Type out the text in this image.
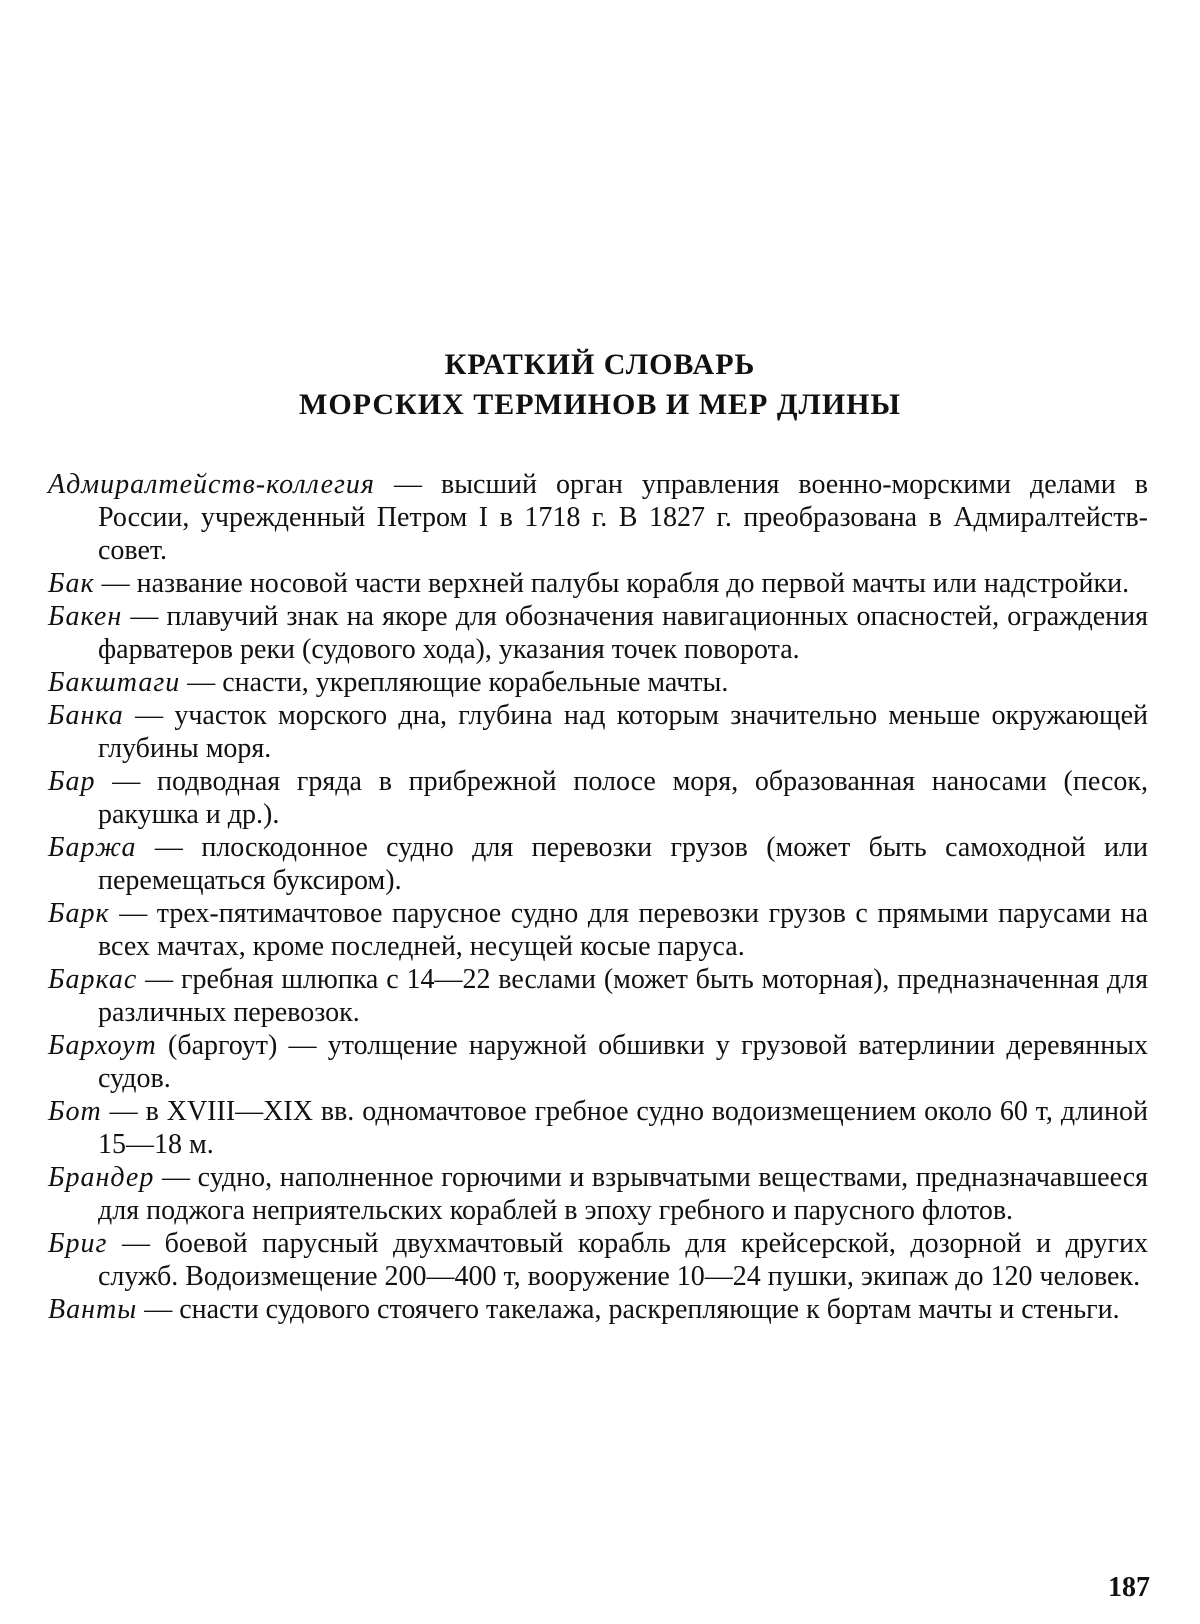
КРАТКИЙ СЛОВАРЬ
МОРСКИХ ТЕРМИНОВ И МЕР ДЛИНЫ

Адмиралтейств-коллегия — высший орган управления военно-морскими делами в России, учрежденный Петром I в 1718 г. В 1827 г. преобразована в Адмиралтейств-совет.

Бак — название носовой части верхней палубы корабля до первой мачты или надстройки.

Бакен — плавучий знак на якоре для обозначения навигационных опасностей, ограждения фарватеров реки (судового хода), указания точек поворота.

Бакштаги — снасти, укрепляющие корабельные мачты.

Банка — участок морского дна, глубина над которым значительно меньше окружающей глубины моря.

Бар — подводная гряда в прибрежной полосе моря, образованная наносами (песок, ракушка и др.).

Баржа — плоскодонное судно для перевозки грузов (может быть самоходной или перемещаться буксиром).

Барк — трех-пятимачтовое парусное судно для перевозки грузов с прямыми парусами на всех мачтах, кроме последней, несущей косые паруса.

Баркас — гребная шлюпка с 14—22 веслами (может быть моторная), предназначенная для различных перевозок.

Бархоут (баргоут) — утолщение наружной обшивки у грузовой ватерлинии деревянных судов.

Бот — в XVIII—XIX вв. одномачтовое гребное судно водоизмещением около 60 т, длиной 15—18 м.

Брандер — судно, наполненное горючими и взрывчатыми веществами, предназначавшееся для поджога неприятельских кораблей в эпоху гребного и парусного флотов.

Бриг — боевой парусный двухмачтовый корабль для крейсерской, дозорной и других служб. Водоизмещение 200—400 т, вооружение 10—24 пушки, экипаж до 120 человек.

Ванты — снасти судового стоячего такелажа, раскрепляющие к бортам мачты и стеньги.

187
